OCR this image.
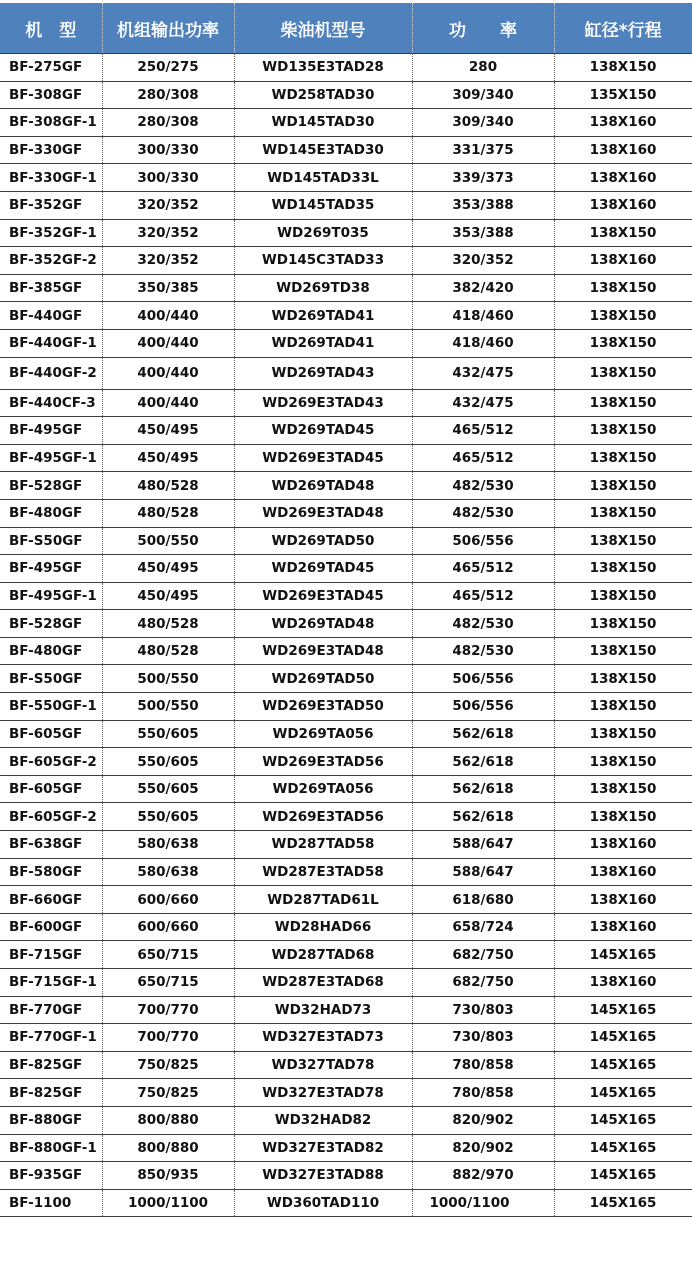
机　型	机组输出功率	柴油机型号	功　　率	缸径*行程
BF-275GF	250/275	WD135E3TAD28	280	138X150
BF-308GF	280/308	WD258TAD30	309/340	135X150
BF-308GF-1	280/308	WD145TAD30	309/340	138X160
BF-330GF	300/330	WD145E3TAD30	331/375	138X160
BF-330GF-1	300/330	WD145TAD33L	339/373	138X160
BF-352GF	320/352	WD145TAD35	353/388	138X160
BF-352GF-1	320/352	WD269T035	353/388	138X150
BF-352GF-2	320/352	WD145C3TAD33	320/352	138X160
BF-385GF	350/385	WD269TD38	382/420	138X150
BF-440GF	400/440	WD269TAD41	418/460	138X150
BF-440GF-1	400/440	WD269TAD41	418/460	138X150
BF-440GF-2	400/440	WD269TAD43	432/475	138X150
BF-440CF-3	400/440	WD269E3TAD43	432/475	138X150
BF-495GF	450/495	WD269TAD45	465/512	138X150
BF-495GF-1	450/495	WD269E3TAD45	465/512	138X150
BF-528GF	480/528	WD269TAD48	482/530	138X150
BF-480GF	480/528	WD269E3TAD48	482/530	138X150
BF-S50GF	500/550	WD269TAD50	506/556	138X150
BF-495GF	450/495	WD269TAD45	465/512	138X150
BF-495GF-1	450/495	WD269E3TAD45	465/512	138X150
BF-528GF	480/528	WD269TAD48	482/530	138X150
BF-480GF	480/528	WD269E3TAD48	482/530	138X150
BF-S50GF	500/550	WD269TAD50	506/556	138X150
BF-550GF-1	500/550	WD269E3TAD50	506/556	138X150
BF-605GF	550/605	WD269TA056	562/618	138X150
BF-605GF-2	550/605	WD269E3TAD56	562/618	138X150
BF-605GF	550/605	WD269TA056	562/618	138X150
BF-605GF-2	550/605	WD269E3TAD56	562/618	138X150
BF-638GF	580/638	WD287TAD58	588/647	138X160
BF-580GF	580/638	WD287E3TAD58	588/647	138X160
BF-660GF	600/660	WD287TAD61L	618/680	138X160
BF-600GF	600/660	WD28HAD66	658/724	138X160
BF-715GF	650/715	WD287TAD68	682/750	145X165
BF-715GF-1	650/715	WD287E3TAD68	682/750	138X160
BF-770GF	700/770	WD32HAD73	730/803	145X165
BF-770GF-1	700/770	WD327E3TAD73	730/803	145X165
BF-825GF	750/825	WD327TAD78	780/858	145X165
BF-825GF	750/825	WD327E3TAD78	780/858	145X165
BF-880GF	800/880	WD32HAD82	820/902	145X165
BF-880GF-1	800/880	WD327E3TAD82	820/902	145X165
BF-935GF	850/935	WD327E3TAD88	882/970	145X165
BF-1100	1000/1100	WD360TAD110	1000/1100	145X165
